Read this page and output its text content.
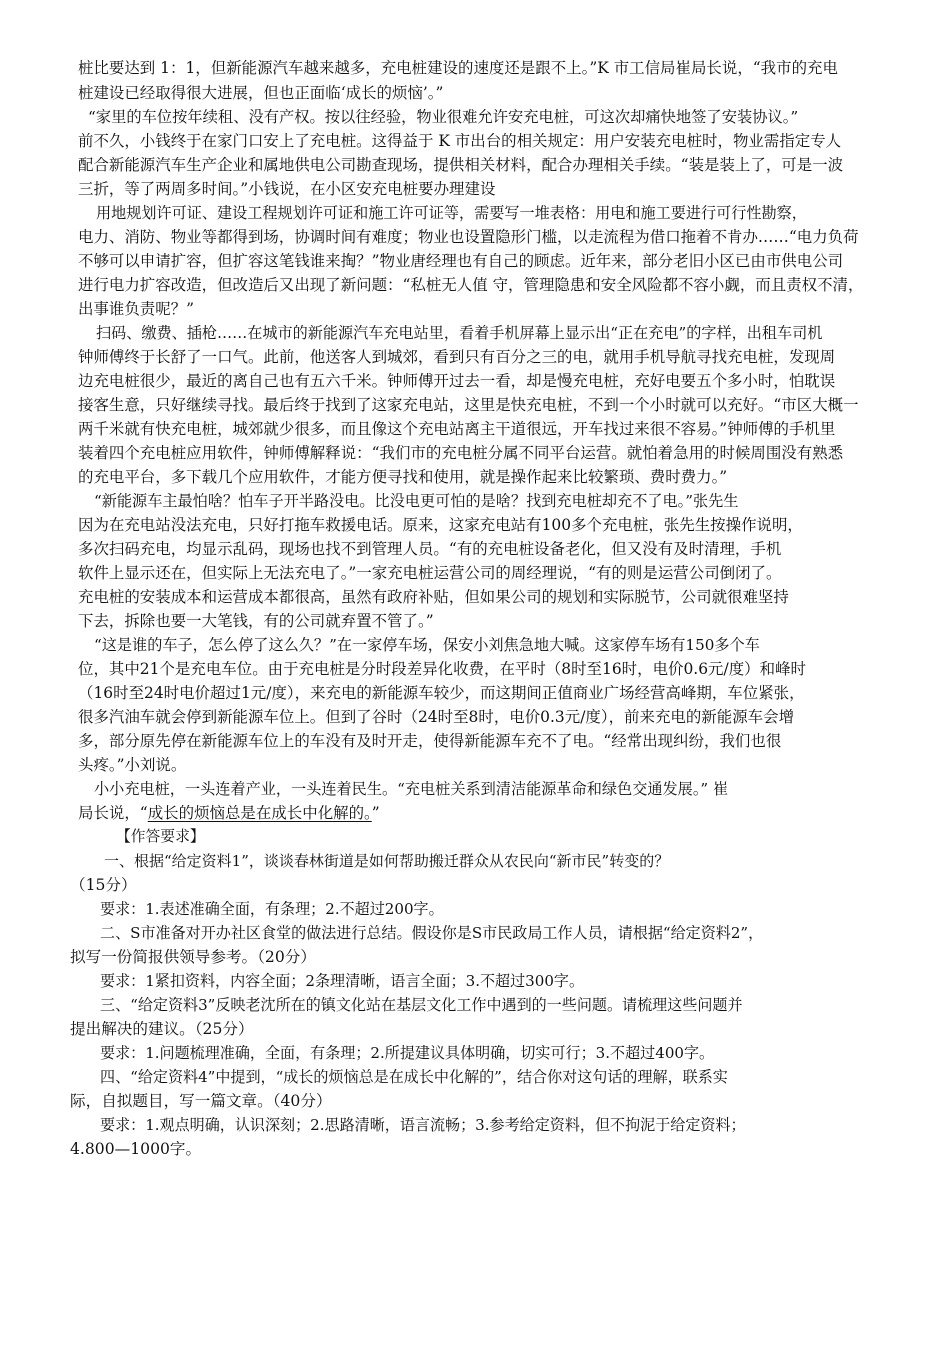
桩比要达到 1：1，但新能源汽车越来越多，充电桩建设的速度还是跟不上。”K 市工信局崔局长说，“我市的充电
桩建设已经取得很大进展，但也正面临‘成长的烦恼’。”
“家里的车位按年续租、没有产权。按以往经验，物业很难允许安充电桩，可这次却痛快地签了安装协议。”
前不久，小钱终于在家门口安上了充电桩。这得益于 K 市出台的相关规定：用户安装充电桩时，物业需指定专人
配合新能源汽车生产企业和属地供电公司勘查现场，提供相关材料，配合办理相关手续。“装是装上了，可是一波
三折，等了两周多时间。”小钱说，在小区安充电桩要办理建设
用地规划许可证、建设工程规划许可证和施工许可证等，需要写一堆表格：用电和施工要进行可行性勘察，
电力、消防、物业等都得到场，协调时间有难度；物业也设置隐形门槛，以走流程为借口拖着不肯办……“电力负荷
不够可以申请扩容，但扩容这笔钱谁来掏？”物业唐经理也有自己的顾虑。近年来，部分老旧小区已由市供电公司
进行电力扩容改造，但改造后又出现了新问题：“私桩无人值 守，管理隐患和安全风险都不容小觑，而且责权不清，
出事谁负责呢？”
扫码、缴费、插枪……在城市的新能源汽车充电站里，看着手机屏幕上显示出“正在充电”的字样，出租车司机
钟师傅终于长舒了一口气。此前，他送客人到城郊，看到只有百分之三的电，就用手机导航寻找充电桩，发现周
边充电桩很少，最近的离自己也有五六千米。钟师傅开过去一看，却是慢充电桩，充好电要五个多小时，怕耽误
接客生意，只好继续寻找。最后终于找到了这家充电站，这里是快充电桩，不到一个小时就可以充好。“市区大概一
两千米就有快充电桩，城郊就少很多，而且像这个充电站离主干道很远，开车找过来很不容易。”钟师傅的手机里
装着四个充电桩应用软件，钟师傅解释说：“我们市的充电桩分属不同平台运营。就怕着急用的时候周围没有熟悉
的充电平台，多下载几个应用软件，才能方便寻找和使用，就是操作起来比较繁琐、费时费力。”
“新能源车主最怕啥？怕车子开半路没电。比没电更可怕的是啥？找到充电桩却充不了电。”张先生
因为在充电站没法充电，只好打拖车救援电话。原来，这家充电站有100多个充电桩，张先生按操作说明，
多次扫码充电，均显示乱码，现场也找不到管理人员。“有的充电桩设备老化，但又没有及时清理，手机
软件上显示还在，但实际上无法充电了。”一家充电桩运营公司的周经理说，“有的则是运营公司倒闭了。
充电桩的安装成本和运营成本都很高，虽然有政府补贴，但如果公司的规划和实际脱节，公司就很难坚持
下去，拆除也要一大笔钱，有的公司就弃置不管了。”
“这是谁的车子，怎么停了这么久？”在一家停车场，保安小刘焦急地大喊。这家停车场有150多个车
位，其中21个是充电车位。由于充电桩是分时段差异化收费，在平时（8时至16时，电价0.6元/度）和峰时
（16时至24时电价超过1元/度），来充电的新能源车较少，而这期间正值商业广场经营高峰期，车位紧张，
很多汽油车就会停到新能源车位上。但到了谷时（24时至8时，电价0.3元/度），前来充电的新能源车会增
多，部分原先停在新能源车位上的车没有及时开走，使得新能源车充不了电。“经常出现纠纷，我们也很
头疼。”小刘说。
小小充电桩，一头连着产业，一头连着民生。“充电桩关系到清洁能源革命和绿色交通发展。” 崔
局长说，“成长的烦恼总是在成长中化解的。”
【作答要求】
一、根据“给定资料1”，谈谈春林街道是如何帮助搬迁群众从农民向“新市民”转变的？
（15分）
要求：1.表述准确全面，有条理；2.不超过200字。
二、S市准备对开办社区食堂的做法进行总结。假设你是S市民政局工作人员，请根据“给定资料2”，
拟写一份简报供领导参考。（20分）
要求：1紧扣资料，内容全面；2条理清晰，语言全面；3.不超过300字。
三、“给定资料3”反映老沈所在的镇文化站在基层文化工作中遇到的一些问题。请梳理这些问题并
提出解决的建议。（25分）
要求：1.问题梳理准确，全面，有条理；2.所提建议具体明确，切实可行；3.不超过400字。
四、“给定资料4”中提到，“成长的烦恼总是在成长中化解的”，结合你对这句话的理解，联系实
际，自拟题目，写一篇文章。（40分）
要求：1.观点明确，认识深刻；2.思路清晰，语言流畅；3.参考给定资料，但不拘泥于给定资料；
4.800—1000字。
